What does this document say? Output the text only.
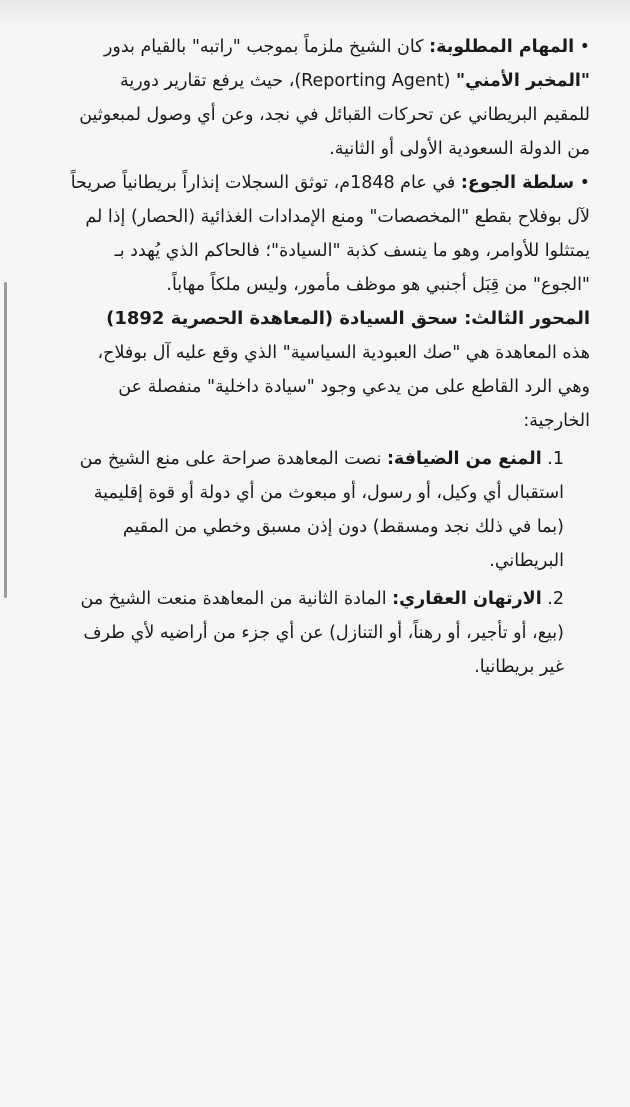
• المهام المطلوبة: كان الشيخ ملزماً بموجب "راتبه" بالقيام بدور "المخبر الأمني" (Reporting Agent)، حيث يرفع تقارير دورية للمقيم البريطاني عن تحركات القبائل في نجد، وعن أي وصول لمبعوثين من الدولة السعودية الأولى أو الثانية.
• سلطة الجوع: في عام 1848م، توثق السجلات إنذاراً بريطانياً صريحاً لآل بوفلاح بقطع "المخصصات" ومنع الإمدادات الغذائية (الحصار) إذا لم يمتثلوا للأوامر، وهو ما ينسف كذبة "السيادة"؛ فالحاكم الذي يُهدد بـ "الجوع" من قِبَل أجنبي هو موظف مأمور، وليس ملكاً مهاباً.
المحور الثالث: سحق السيادة (المعاهدة الحصرية 1892)
هذه المعاهدة هي "صك العبودية السياسية" الذي وقع عليه آل بوفلاح، وهي الرد القاطع على من يدعي وجود "سيادة داخلية" منفصلة عن الخارجية:
1. المنع من الضيافة: نصت المعاهدة صراحة على منع الشيخ من استقبال أي وكيل، أو رسول، أو مبعوث من أي دولة أو قوة إقليمية (بما في ذلك نجد ومسقط) دون إذن مسبق وخطي من المقيم البريطاني.
2. الارتهان العقاري: المادة الثانية من المعاهدة منعت الشيخ من (بيع، أو تأجير، أو رهناً، أو التنازل) عن أي جزء من أراضيه لأي طرف غير بريطانيا.
